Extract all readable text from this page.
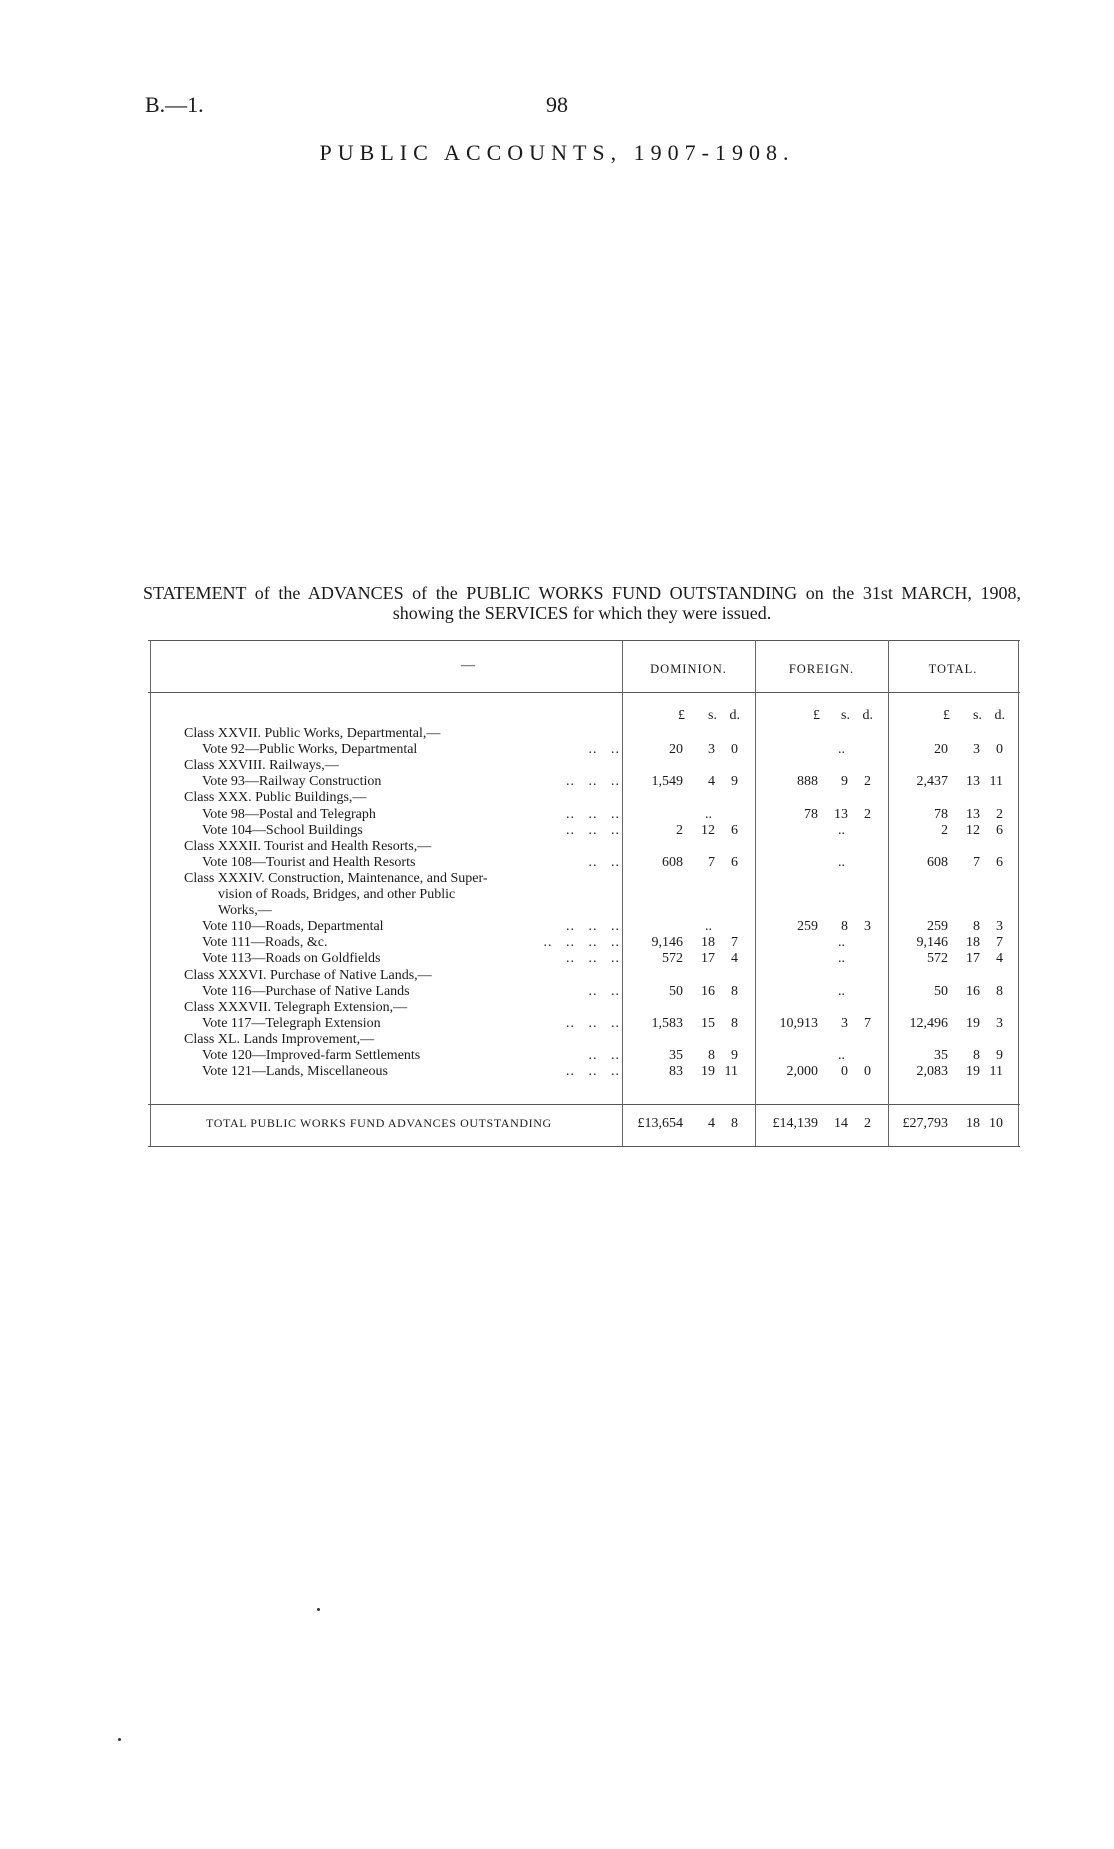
B.—1.	98
PUBLIC ACCOUNTS, 1907-1908.
STATEMENT of the ADVANCES of the PUBLIC WORKS FUND OUTSTANDING on the 31st MARCH, 1908, showing the SERVICES for which they were issued.
—	DOMINION.	FOREIGN.	TOTAL.
£	s. d.	£	s. d.	£	s. d.
Class XXVII. Public Works, Departmental,—
Vote 92—Public Works, Departmental	..   ..	20 3 0	..	20 3 0
Class XXVIII. Railways,—
Vote 93—Railway Construction	..   ..   .. 1,549 4 9	888 9 2	2,437 13 11
Class XXX. Public Buildings,—
Vote 98—Postal and Telegraph	..   ..   ..	..	78 13 2	78 13 2
Vote 104—School Buildings	..   ..   ..	2 12 6	..	2 12 6
Class XXXII. Tourist and Health Resorts,—
Vote 108—Tourist and Health Resorts	..   ..	608 7 6	..	608 7 6
Class XXXIV. Construction, Maintenance, and Super-
vision of Roads, Bridges, and other Public
Works,—
Vote 110—Roads, Departmental	..   ..   ..	..	259 8 3	259 8 3
Vote 111—Roads, &c.	..   ..   ..   .. 9,146 18 7	..	9,146 18 7
Vote 113—Roads on Goldfields	..   ..   ..	572 17 4	..	572 17 4
Class XXXVI. Purchase of Native Lands,—
Vote 116—Purchase of Native Lands	..   ..	50 16 8	..	50 16 8
Class XXXVII. Telegraph Extension,—
Vote 117—Telegraph Extension	..   ..   .. 1,583 15 8	10,913 3 7	12,496 19 3
Class XL. Lands Improvement,—
Vote 120—Improved-farm Settlements	..   ..	35 8 9	..	35 8 9
Vote 121—Lands, Miscellaneous	..   ..   ..	83 19 11	2,000 0 0	2,083 19 11
TOTAL PUBLIC WORKS FUND ADVANCES OUTSTANDING	£13,654 4 8 £14,139 14 2 £27,793 18 10
